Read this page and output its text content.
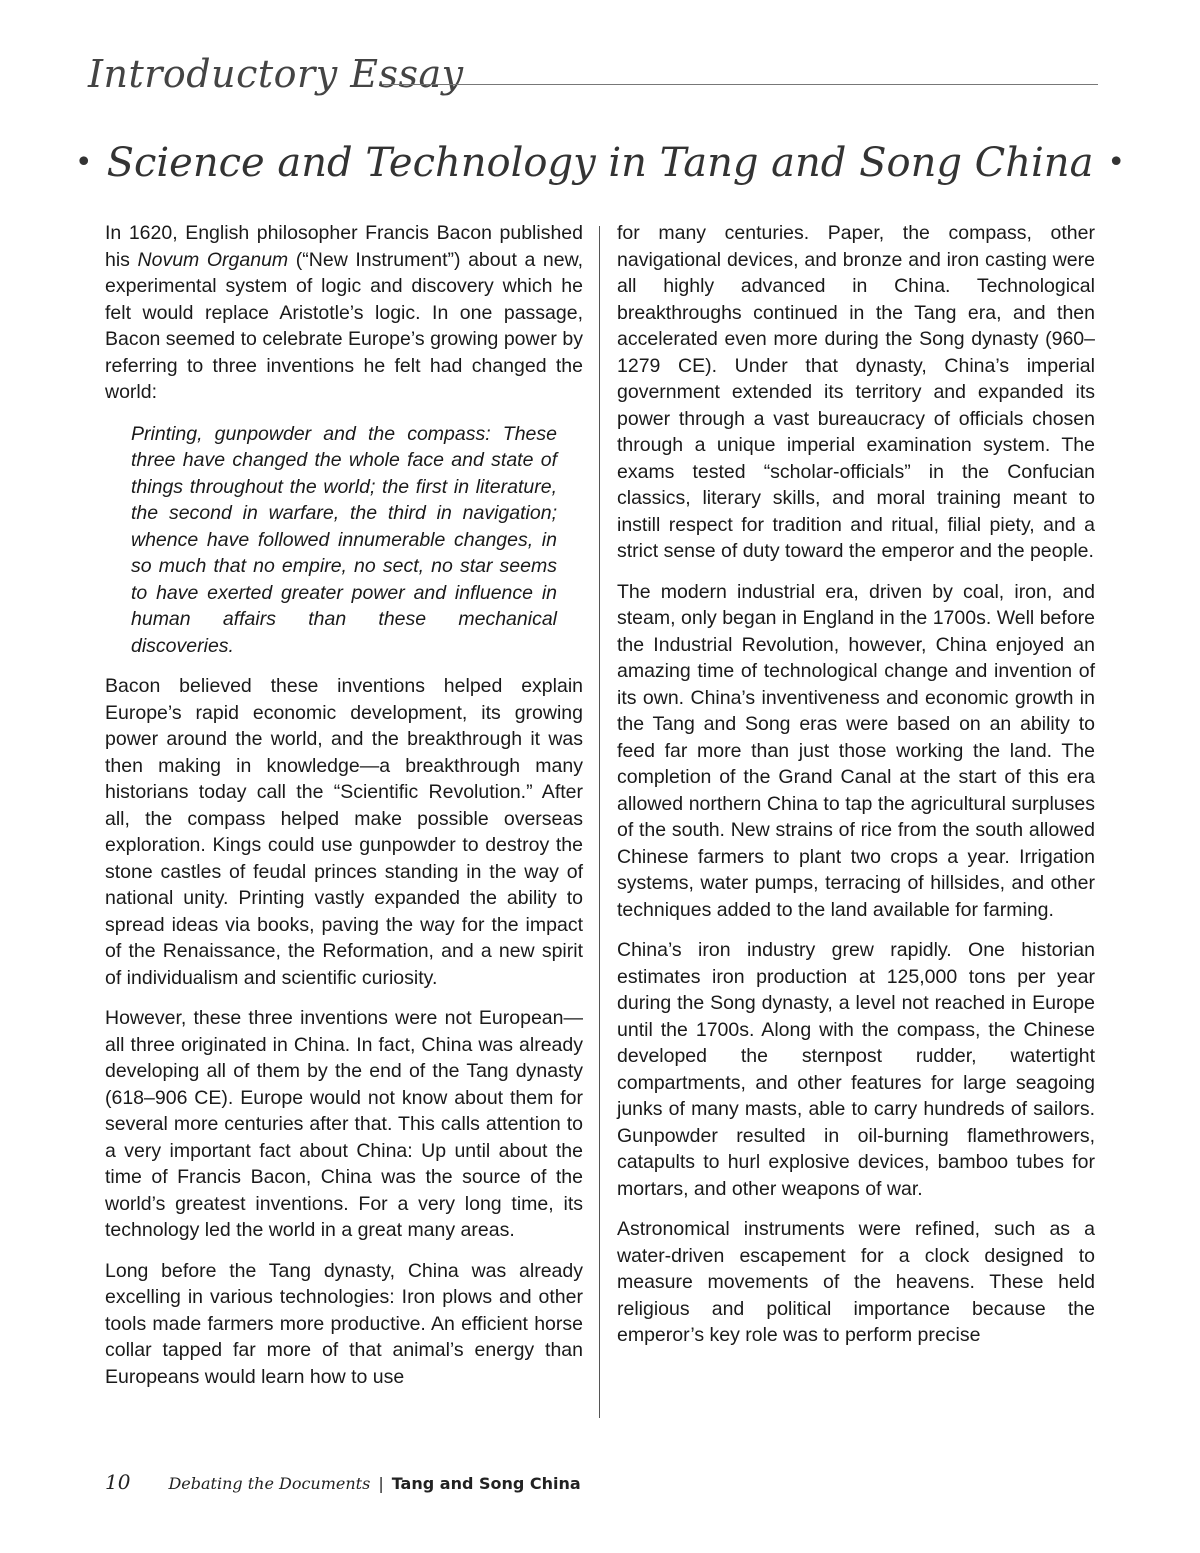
Introductory Essay
• Science and Technology in Tang and Song China •

In 1620, English philosopher Francis Bacon published his Novum Organum (“New Instrument”) about a new, experimental system of logic and discovery which he felt would replace Aristotle’s logic. In one passage, Bacon seemed to celebrate Europe’s growing power by referring to three inventions he felt had changed the world:

Printing, gunpowder and the compass: These three have changed the whole face and state of things throughout the world; the first in literature, the second in warfare, the third in navigation; whence have followed innumerable changes, in so much that no empire, no sect, no star seems to have exerted greater power and influence in human affairs than these mechanical discoveries.

Bacon believed these inventions helped explain Europe’s rapid economic development, its growing power around the world, and the breakthrough it was then making in knowledge—a breakthrough many historians today call the “Scientific Revolution.” After all, the compass helped make possible overseas exploration. Kings could use gunpowder to destroy the stone castles of feudal princes standing in the way of national unity. Printing vastly expanded the ability to spread ideas via books, paving the way for the impact of the Renaissance, the Reformation, and a new spirit of individualism and scientific curiosity.

However, these three inventions were not European—all three originated in China. In fact, China was already developing all of them by the end of the Tang dynasty (618–906 CE). Europe would not know about them for several more centuries after that. This calls attention to a very important fact about China: Up until about the time of Francis Bacon, China was the source of the world’s greatest inventions. For a very long time, its technology led the world in a great many areas.

Long before the Tang dynasty, China was already excelling in various technologies: Iron plows and other tools made farmers more productive. An efficient horse collar tapped far more of that animal’s energy than Europeans would learn how to use

for many centuries. Paper, the compass, other navigational devices, and bronze and iron casting were all highly advanced in China. Technological breakthroughs continued in the Tang era, and then accelerated even more during the Song dynasty (960–1279 CE). Under that dynasty, China’s imperial government extended its territory and expanded its power through a vast bureaucracy of officials chosen through a unique imperial examination system. The exams tested “scholar-officials” in the Confucian classics, literary skills, and moral training meant to instill respect for tradition and ritual, filial piety, and a strict sense of duty toward the emperor and the people.

The modern industrial era, driven by coal, iron, and steam, only began in England in the 1700s. Well before the Industrial Revolution, however, China enjoyed an amazing time of technological change and invention of its own. China’s inventiveness and economic growth in the Tang and Song eras were based on an ability to feed far more than just those working the land. The completion of the Grand Canal at the start of this era allowed northern China to tap the agricultural surpluses of the south. New strains of rice from the south allowed Chinese farmers to plant two crops a year. Irrigation systems, water pumps, terracing of hillsides, and other techniques added to the land available for farming.

China’s iron industry grew rapidly. One historian estimates iron production at 125,000 tons per year during the Song dynasty, a level not reached in Europe until the 1700s. Along with the compass, the Chinese developed the sternpost rudder, watertight compartments, and other features for large seagoing junks of many masts, able to carry hundreds of sailors. Gunpowder resulted in oil-burning flamethrowers, catapults to hurl explosive devices, bamboo tubes for mortars, and other weapons of war.

Astronomical instruments were refined, such as a water-driven escapement for a clock designed to measure movements of the heavens. These held religious and political importance because the emperor’s key role was to perform precise

10 Debating the Documents | Tang and Song China
